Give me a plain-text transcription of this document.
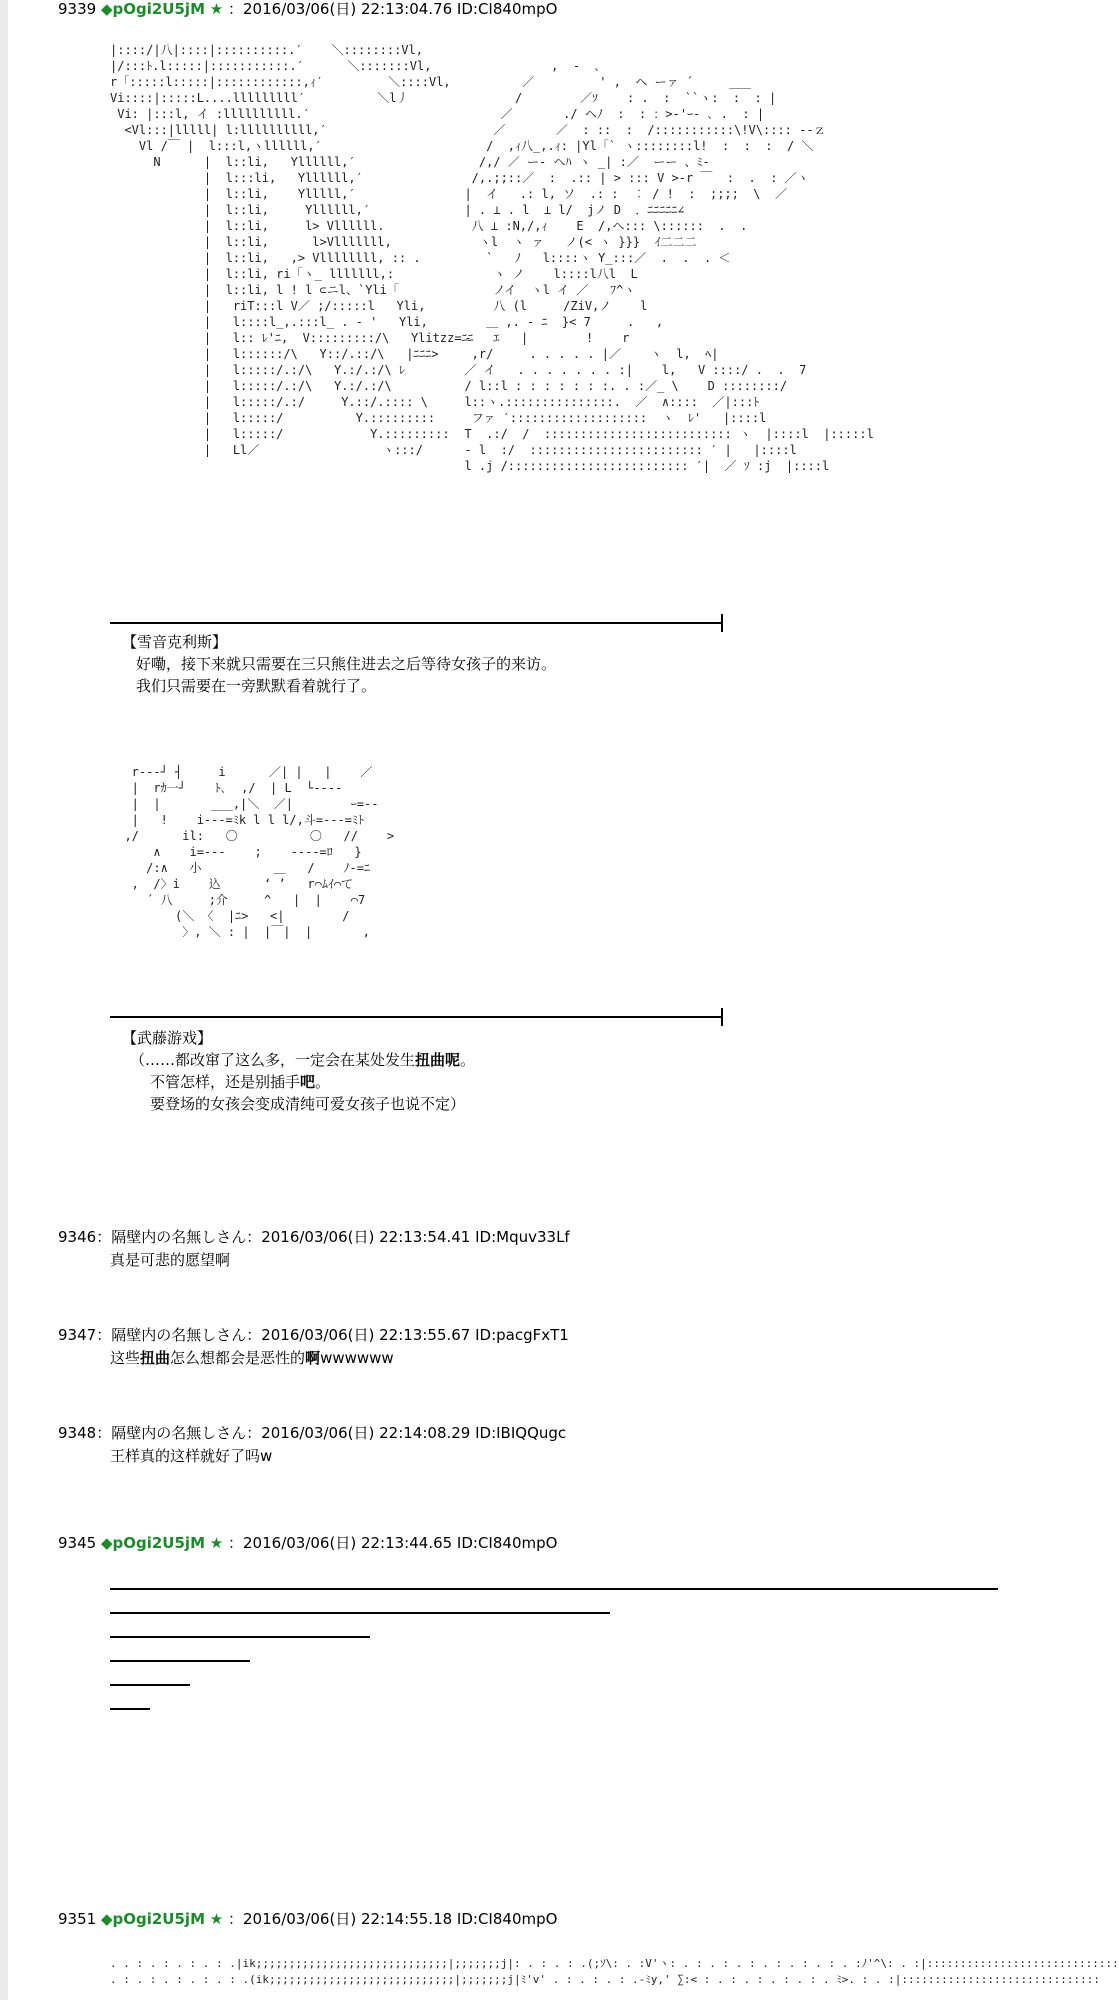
9339 ◆pOgi2U5jM ★ ：2016/03/06(日) 22:13:04.76 ID:CI840mpO
|::::/|八|::::|::::::::::.′    ＼::::::::Vl,
|/:::ﾄ.l:::::|:::::::::::.′      ＼:::::::Vl,
r「:::::l:::::|::::::::::::,ｨ′         ＼::::Vl,
Vi::::|:::::L....lllllllll′          ＼l丿
Vi: |:::l, イ :llllllllll.′
<Vl:::|lllll| l:llllllllll,′
Vl /￣ |  l:::l,ヽllllll,′
N      |  l::li,   Yllllll,′
|  l:::li,   Yllllll,′
|  l::li,    Ylllll,′
|  l::li,     Yllllll,′
|  l::li,     l> Vllllll.
|  l::li,      l>Vlllllll,
|  l::li,   ,> Vllllllll, :: .
|  l::li, ri「ヽ_ lllllll,:
|  l::li, l ! l ⊂ニl、`Yli「
|   riT:::l V／ ;/:::::l   Yli,
|   l::::l_,.:::l_ . ‐ '   Yli,
|   l:: ﾚ'ﾆ,  V:::::::::/\   Ylitzz=ﾆﾆ
|   l::::::/\   Y::/.::/\   |ﾆﾆﾆ>
|   l:::::/.:/\   Y.:/.:/\ ﾚ
|   l:::::/.:/\   Y.:/.:/\
|   l:::::/.:/     Y.::/.:::: \
|   l:::::/          Y.:::::::::
|   l:::::/            Y.:::::::::
|   Ll／                 ヽ:::/
,  -  ､
／         ' ,  ヘ ーァ ´     ___
/        ／ｿ    : .  :  ``ヽ:  :  : |
／       ./ ヘﾉ  :  : ：>‐'ｰ- ､ .  : |
／       ／  : ::  :  /:::::::::::\!V\:::: ‐‐ｚ
/  ,ｨ八_,.ｨ: |Yl「` ヽ::::::::l!  :  :  :  / ＼
/,/ ／ ー‐ ヘﾊ ヽ _| :／  ーー 、ﾐ-
/,.;;::／  :  .:: | > ::: V >‐r ￣  :  .  : ／ヽ
|  イ   .: l, ソ  .: :  ︰ / !  :  ;;;;  \  ／
| . ⊥ . l  ⊥ l/  jノ D  ．ﾆﾆﾆﾆﾆ∠
八 ⊥ :N,/,ｨ    E  /,へ::: \::::::  .  .
ヽl  ヽ ァ   ノ(< ヽ }}}  ｲ二二二
`   ﾉ   l::::ヽ Y_:::／  .  .  . ＜
ヽ ノ    l::::l八l  L
ノイ  ヽl イ ／   ﾌ^ヽ
八 (l     /ZiV,ノ    l
＿ ,. ‐ ﾆ  }< 7     .   ,
‐   ｴ   |        !    r
,r/     . . . . . |／    ヽ  l,  ﾍ|
／ イ   . . . . . . . :|    l,   V ::::/ .  .  7
/ l::l : : : : : : :. . :／_ \    D ::::::::/
l::ヽ.:::::::::::::::.  ／  ∧::::  ／|:::ﾄ
ファ ′:::::::::::::::::::  ヽ  ﾚ'   |::::l
T  .:/  /  :::::::::::::::::::::::::: ヽ  |::::l  |:::::l
‐ l  :/  :::::::::::::::::::::::: ′ |   |::::l
l .j /::::::::::::::::::::::::: ′|  ／ ｿ :j  |::::l
【雪音克利斯】
好嘞，接下来就只需要在三只熊住进去之后等待女孩子的来访。
我们只需要在一旁默默看着就行了。
r‐‐‐┘ ┤     i      ／| |   |    ／
|  rｶ一┘    ﾄ､  ,/  | L  └‐‐‐‐
|  |       ___,|＼  ／|        ｰ=‐‐
|   !    i‐‐‐=ﾐk l l l/,斗=‐‐‐=ﾐﾄ
,/      il:   〇          〇   //    >
∧    i=‐‐‐    ;    ‐‐‐‐=ﾛ   }
/:∧   小          ＿   /    ﾉ‐=ﾆ
,  /〉i    込      ‘ ’   r⌒ﾑｲ⌒て
´ 八     ;介     ^   |  |    ⌒7
(＼ 〈  |ﾆ>   <|        /
〉, ＼ : |  |￣|  |       ,
【武藤游戏】
（……都改窜了这么多，一定会在某处发生扭曲呢。
不管怎样，还是别插手吧。
要登场的女孩会变成清纯可爱女孩子也说不定）
9346：隔壁内の名無しさん：2016/03/06(日) 22:13:54.41 ID:Mquv33Lf
真是可悲的愿望啊
9347：隔壁内の名無しさん：2016/03/06(日) 22:13:55.67 ID:pacgFxT1
这些扭曲怎么想都会是恶性的啊wwwwww
9348：隔壁内の名無しさん：2016/03/06(日) 22:14:08.29 ID:IBIQQugc
王样真的这样就好了吗w
9345 ◆pOgi2U5jM ★ ：2016/03/06(日) 22:13:44.65 ID:CI840mpO
9351 ◆pOgi2U5jM ★ ：2016/03/06(日) 22:14:55.18 ID:CI840mpO
. . : . : . : . : .|ik;;;;;;;;;;;;;;;;;;;;;;;;;;;;;|;;;;;;;j|: . : . : .(;ｿ\: . :V'ヽ: . : . : . : . : . : . : . :ﾉ'^\: . :|:::::::::::::::::::::::::::::
. : . : . : . : . : .(ik;;;;;;;;;;;;;;;;;;;;;;;;;;;;|;;;;;;;j|ﾐ'v' . : . : . : .‐ﾐy,' ∑:< : . : . : . : . : . ﾐ>. : . :|::::::::::::::::::::::::::::::
